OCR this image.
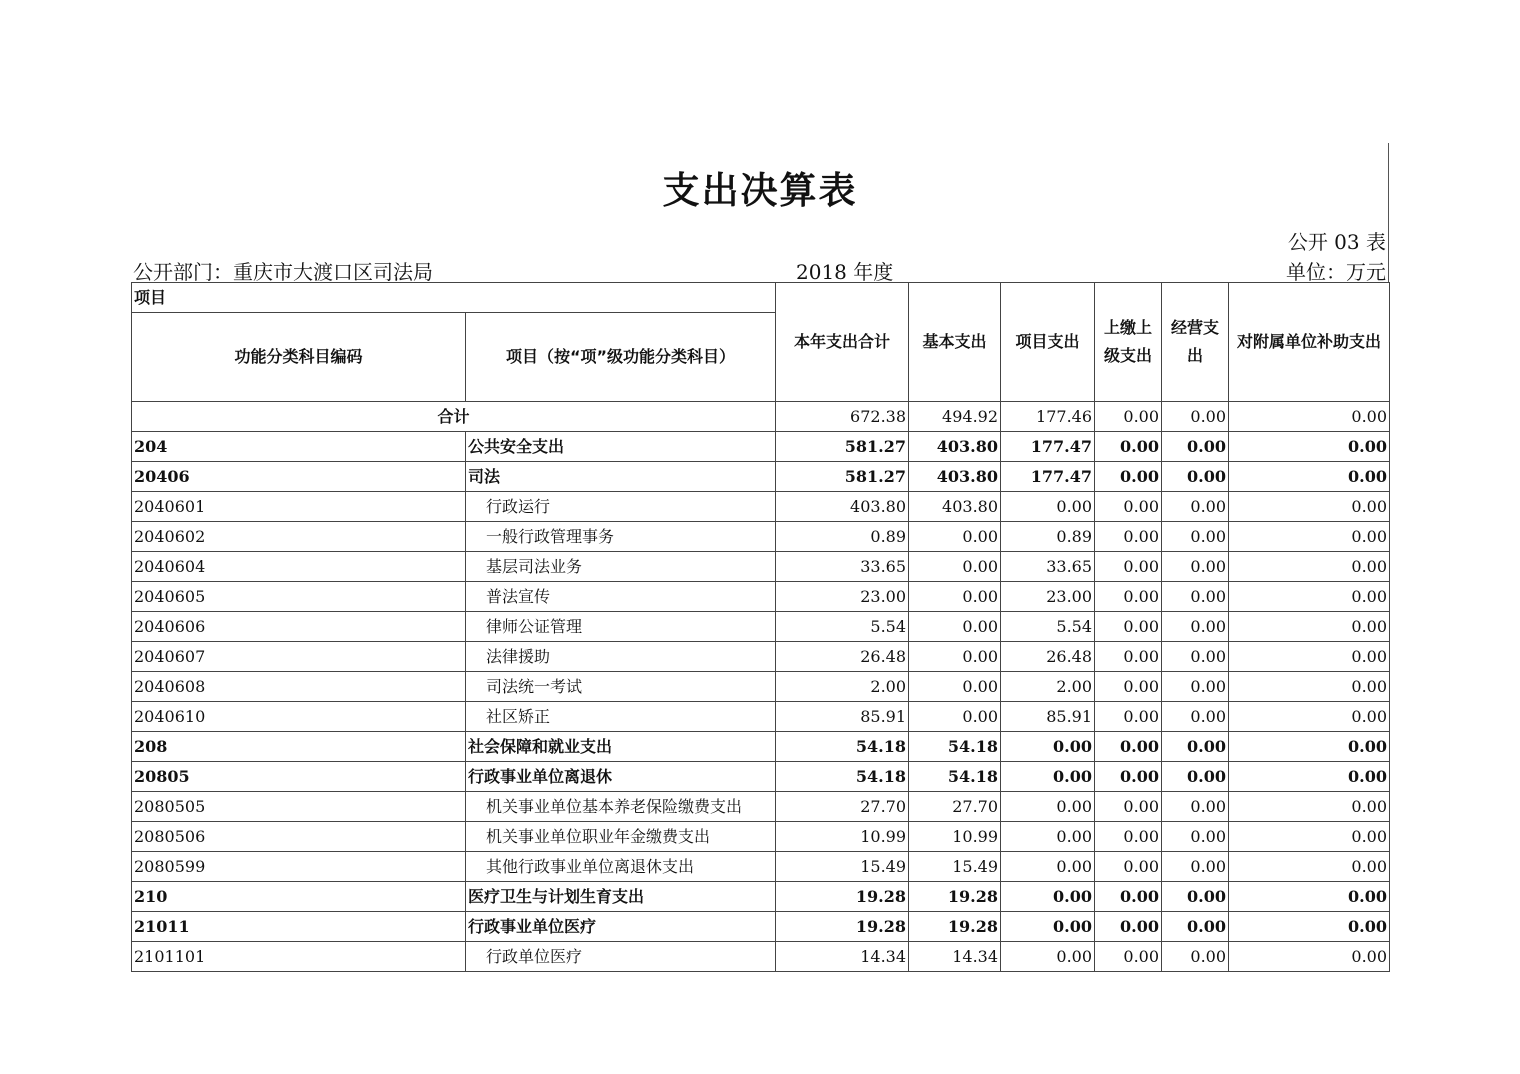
支出决算表
公开 03 表
公开部门：重庆市大渡口区司法局	2018 年度	单位：万元
项目		本年支出合计	基本支出	项目支出	上缴上级支出	经营支出	对附属单位补助支出
功能分类科目编码	项目（按“项”级功能分类科目）						
合计		672.38	494.92	177.46	0.00	0.00	0.00
204	公共安全支出	581.27	403.80	177.47	0.00	0.00	0.00
20406	司法	581.27	403.80	177.47	0.00	0.00	0.00
2040601	行政运行	403.80	403.80	0.00	0.00	0.00	0.00
2040602	一般行政管理事务	0.89	0.00	0.89	0.00	0.00	0.00
2040604	基层司法业务	33.65	0.00	33.65	0.00	0.00	0.00
2040605	普法宣传	23.00	0.00	23.00	0.00	0.00	0.00
2040606	律师公证管理	5.54	0.00	5.54	0.00	0.00	0.00
2040607	法律援助	26.48	0.00	26.48	0.00	0.00	0.00
2040608	司法统一考试	2.00	0.00	2.00	0.00	0.00	0.00
2040610	社区矫正	85.91	0.00	85.91	0.00	0.00	0.00
208	社会保障和就业支出	54.18	54.18	0.00	0.00	0.00	0.00
20805	行政事业单位离退休	54.18	54.18	0.00	0.00	0.00	0.00
2080505	机关事业单位基本养老保险缴费支出	27.70	27.70	0.00	0.00	0.00	0.00
2080506	机关事业单位职业年金缴费支出	10.99	10.99	0.00	0.00	0.00	0.00
2080599	其他行政事业单位离退休支出	15.49	15.49	0.00	0.00	0.00	0.00
210	医疗卫生与计划生育支出	19.28	19.28	0.00	0.00	0.00	0.00
21011	行政事业单位医疗	19.28	19.28	0.00	0.00	0.00	0.00
2101101	行政单位医疗	14.34	14.34	0.00	0.00	0.00	0.00
